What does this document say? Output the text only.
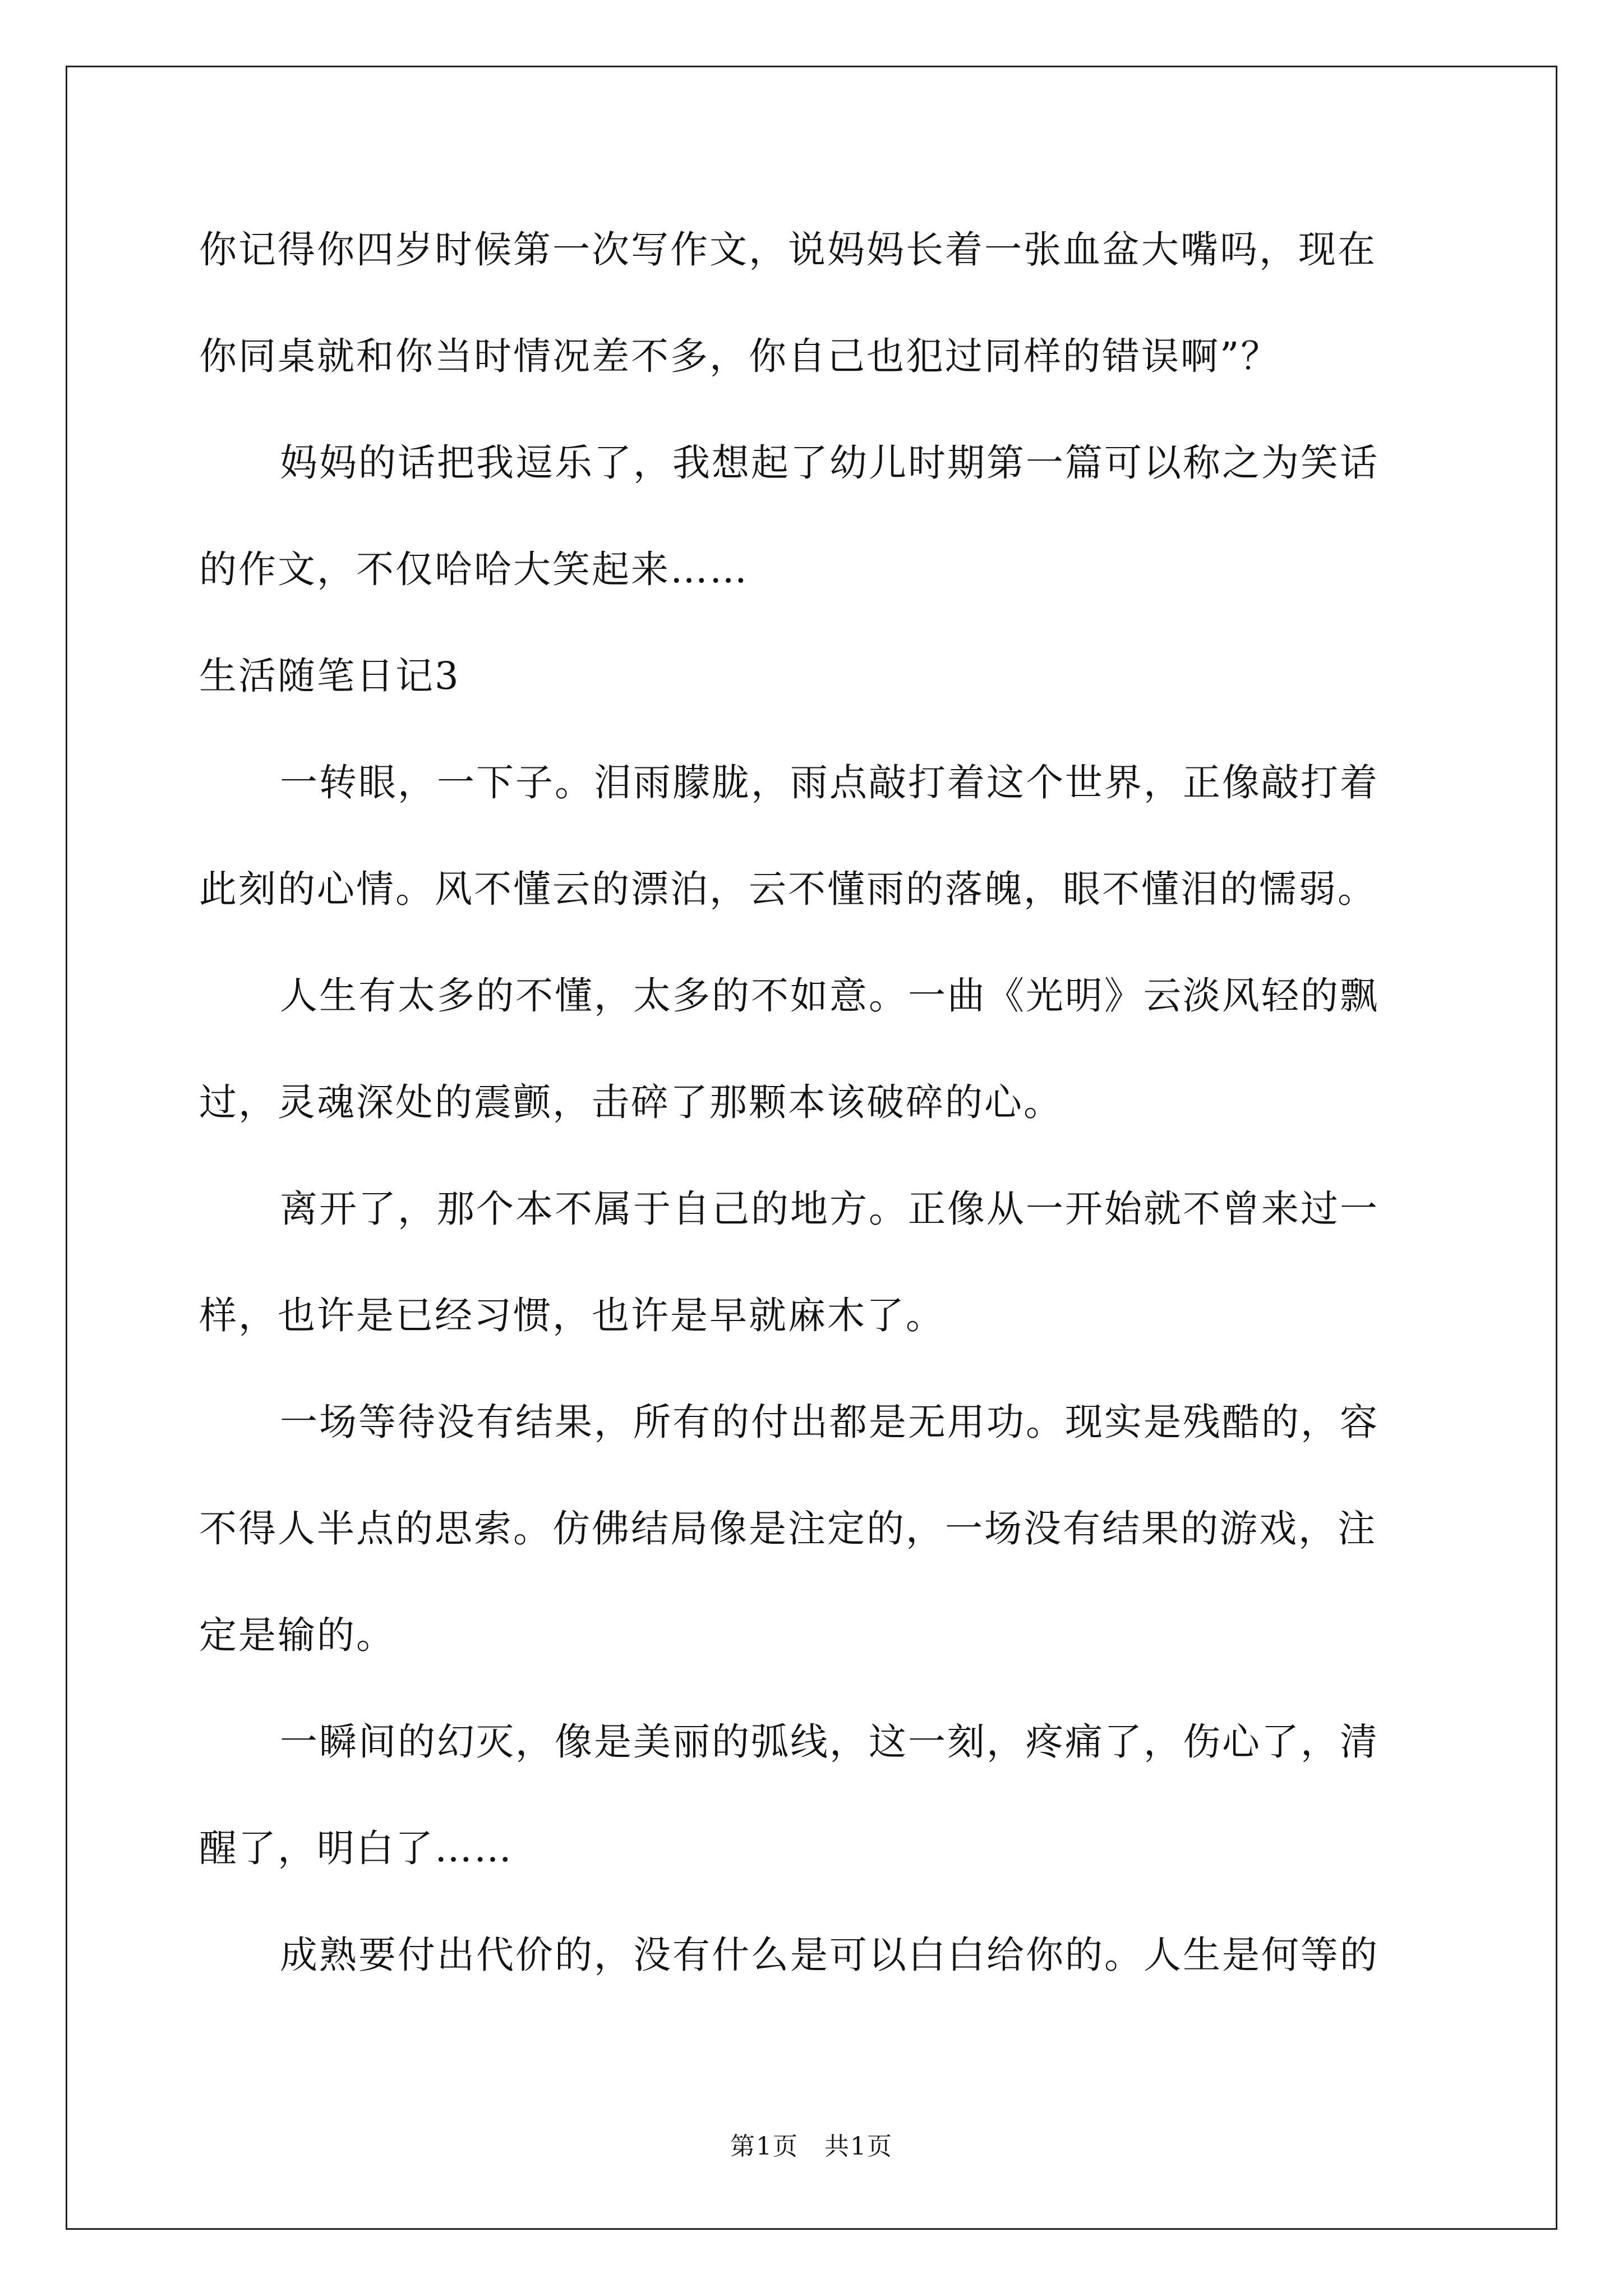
你记得你四岁时候第一次写作文，说妈妈长着一张血盆大嘴吗，现在
你同桌就和你当时情况差不多，你自己也犯过同样的错误啊”？
妈妈的话把我逗乐了，我想起了幼儿时期第一篇可以称之为笑话
的作文，不仅哈哈大笑起来……
生活随笔日记3
一转眼，一下子。泪雨朦胧，雨点敲打着这个世界，正像敲打着
此刻的心情。风不懂云的漂泊，云不懂雨的落魄，眼不懂泪的懦弱。
人生有太多的不懂，太多的不如意。一曲《光明》云淡风轻的飘
过，灵魂深处的震颤，击碎了那颗本该破碎的心。
离开了，那个本不属于自己的地方。正像从一开始就不曾来过一
样，也许是已经习惯，也许是早就麻木了。
一场等待没有结果，所有的付出都是无用功。现实是残酷的，容
不得人半点的思索。仿佛结局像是注定的，一场没有结果的游戏，注
定是输的。
一瞬间的幻灭，像是美丽的弧线，这一刻，疼痛了，伤心了，清
醒了，明白了……
成熟要付出代价的，没有什么是可以白白给你的。人生是何等的
第1页　共1页
